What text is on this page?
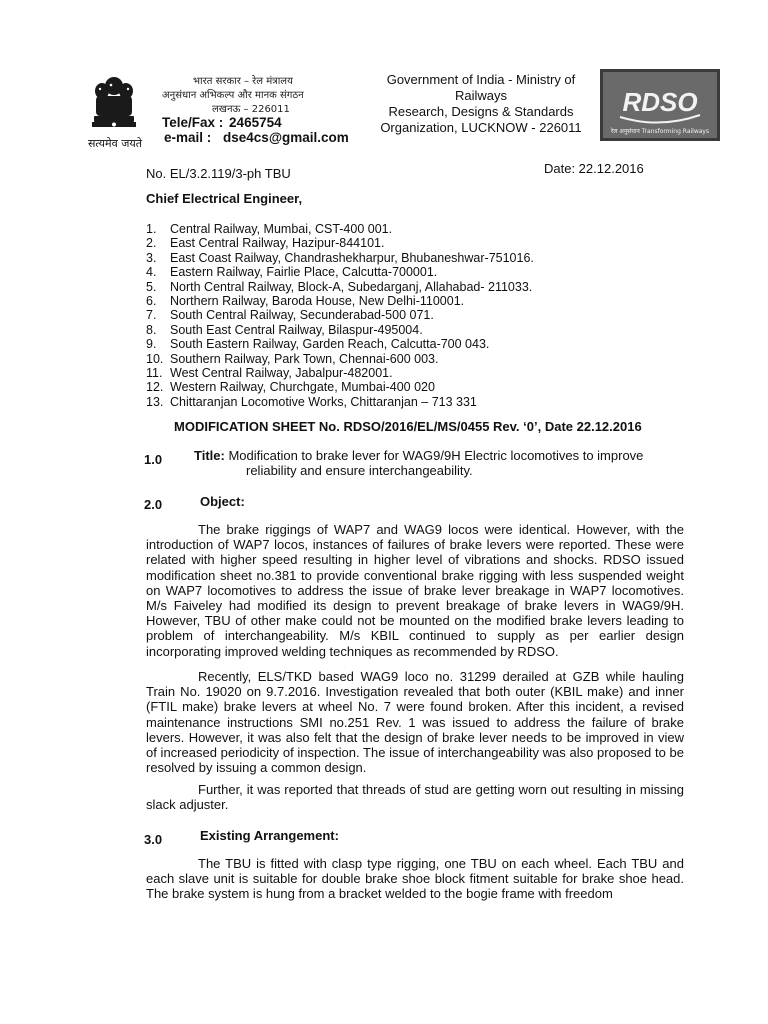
सत्यमेव जयते
भारत सरकार – रेल मंत्रालय
अनुसंधान अभिकल्प और मानक संगठन
लखनऊ – 226011
Tele/Fax : 2465754
e-mail : dse4cs@gmail.com
Government of India - Ministry of
Railways
Research, Designs & Standards
Organization, LUCKNOW - 226011
RDSO
रेल अनुसंधान Transforming Railways
No. EL/3.2.119/3-ph TBU	Date: 22.12.2016
Chief Electrical Engineer,
1. Central Railway, Mumbai, CST-400 001.
2. East Central Railway, Hazipur-844101.
3. East Coast Railway, Chandrashekharpur, Bhubaneshwar-751016.
4. Eastern Railway, Fairlie Place, Calcutta-700001.
5. North Central Railway, Block-A, Subedarganj, Allahabad- 211033.
6. Northern Railway, Baroda House, New Delhi-110001.
7. South Central Railway, Secunderabad-500 071.
8. South East Central Railway, Bilaspur-495004.
9. South Eastern Railway, Garden Reach, Calcutta-700 043.
10. Southern Railway, Park Town, Chennai-600 003.
11. West Central Railway, Jabalpur-482001.
12. Western Railway, Churchgate, Mumbai-400 020
13. Chittaranjan Locomotive Works, Chittaranjan – 713 331
MODIFICATION SHEET No. RDSO/2016/EL/MS/0455 Rev. ‘0’, Date 22.12.2016
1.0 Title: Modification to brake lever for WAG9/9H Electric locomotives to improve
reliability and ensure interchangeability.
2.0	Object:

The brake riggings of WAP7 and WAG9 locos were identical. However, with the introduction of WAP7 locos, instances of failures of brake levers were reported. These were related with higher speed resulting in higher level of vibrations and shocks. RDSO issued modification sheet no.381 to provide conventional brake rigging with less suspended weight on WAP7 locomotives to address the issue of brake lever breakage in WAP7 locomotives. M/s Faiveley had modified its design to prevent breakage of brake levers in WAG9/9H. However, TBU of other make could not be mounted on the modified brake levers leading to problem of interchangeability. M/s KBIL continued to supply as per earlier design incorporating improved welding techniques as recommended by RDSO.

Recently, ELS/TKD based WAG9 loco no. 31299 derailed at GZB while hauling Train No. 19020 on 9.7.2016. Investigation revealed that both outer (KBIL make) and inner (FTIL make) brake levers at wheel No. 7 were found broken. After this incident, a revised maintenance instructions SMI no.251 Rev. 1 was issued to address the failure of brake levers. However, it was also felt that the design of brake lever needs to be improved in view of increased periodicity of inspection. The issue of interchangeability was also proposed to be resolved by issuing a common design.

Further, it was reported that threads of stud are getting worn out resulting in missing slack adjuster.

3.0	Existing Arrangement:

The TBU is fitted with clasp type rigging, one TBU on each wheel. Each TBU and each slave unit is suitable for double brake shoe block fitment suitable for brake shoe head. The brake system is hung from a bracket welded to the bogie frame with freedom
